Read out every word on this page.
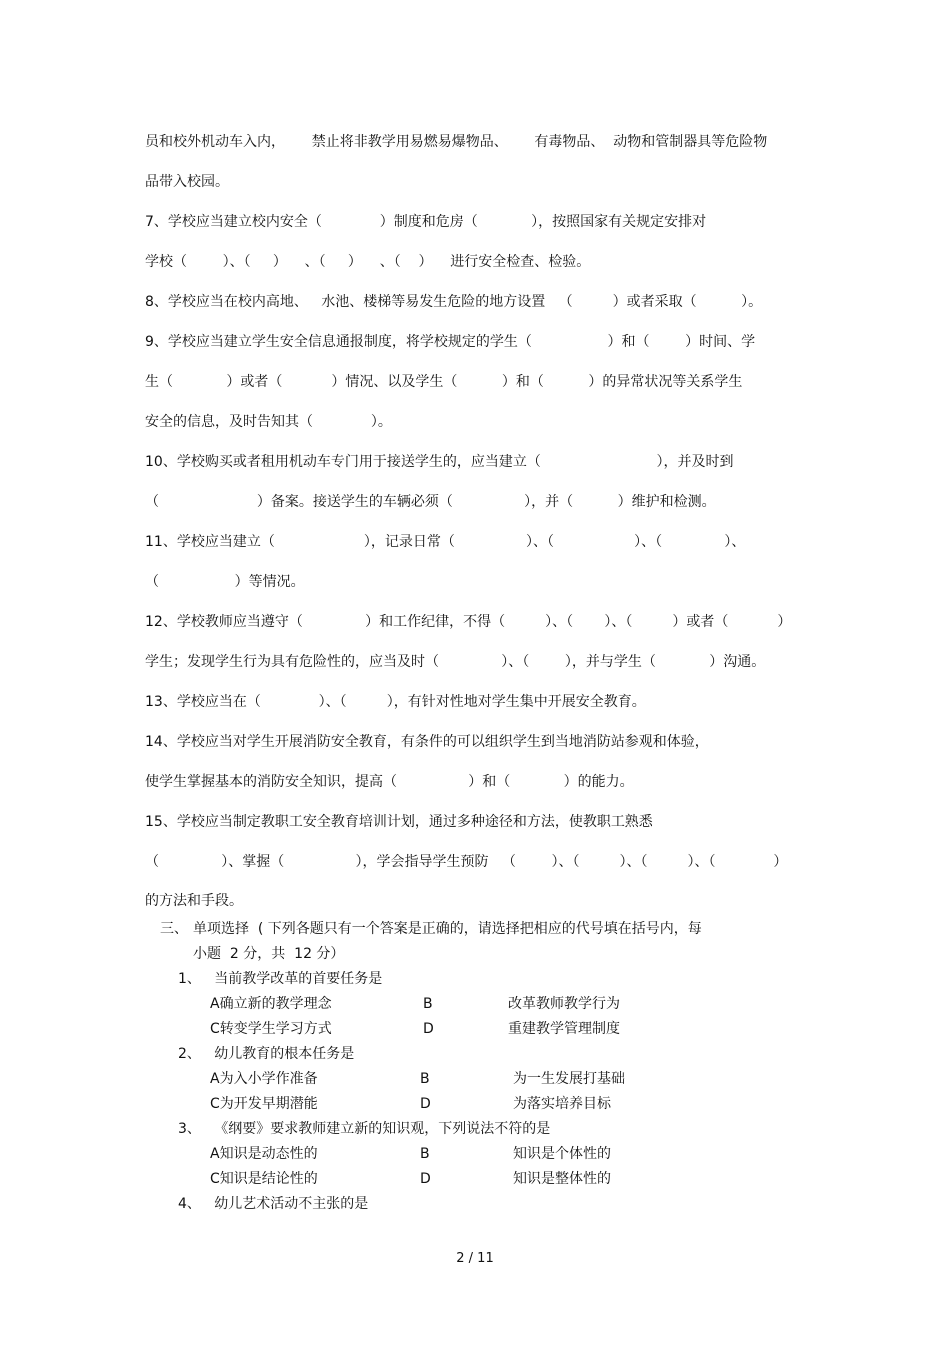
员和校外机动车入内，      禁止将非教学用易燃易爆物品、      有毒物品、  动物和管制器具等危险物
品带入校园。
7、学校应当建立校内安全（             ）制度和危房（            ），按照国家有关规定安排对
学校（        ）、（     ）    、（     ）    、（    ）    进行安全检查、检验。
8、学校应当在校内高地、   水池、楼梯等易发生危险的地方设置   （         ）或者采取（          ）。
9、学校应当建立学生安全信息通报制度，将学校规定的学生（                 ）和（        ）时间、学
生（            ）或者（           ）情况、以及学生（          ）和（          ）的异常状况等关系学生
安全的信息，及时告知其（             ）。
10、学校购买或者租用机动车专门用于接送学生的，应当建立（                          ），并及时到
（                      ）备案。接送学生的车辆必须（                ），并（          ）维护和检测。
11、学校应当建立（                    ），记录日常（                ）、（                  ）、（              ）、
（                 ）等情况。
12、学校教师应当遵守（              ）和工作纪律，不得（         ）、（       ）、（         ）或者（           ）
学生；发现学生行为具有危险性的，应当及时（              ）、（        ），并与学生（            ）沟通。
13、学校应当在（             ）、（         ），有针对性地对学生集中开展安全教育。
14、学校应当对学生开展消防安全教育，有条件的可以组织学生到当地消防站参观和体验，
使学生掌握基本的消防安全知识，提高（                ）和（            ）的能力。
15、学校应当制定教职工安全教育培训计划，通过多种途径和方法，使教职工熟悉
（              ）、掌握（                ），学会指导学生预防   （        ）、（         ）、（         ）、（             ）
的方法和手段。
三、 单项选择  ( 下列各题只有一个答案是正确的，请选择把相应的代号填在括号内，每
小题  2 分，共  12 分）
1、   当前教学改革的首要任务是
A确立新的教学理念	B	改革教师教学行为
C转变学生学习方式	D	重建教学管理制度
2、   幼儿教育的根本任务是
A为入小学作准备	B	为一生发展打基础
C为开发早期潜能	D	为落实培养目标
3、   《纲要》要求教师建立新的知识观，下列说法不符的是
A知识是动态性的	B	知识是个体性的
C知识是结论性的	D	知识是整体性的
4、   幼儿艺术活动不主张的是
2 / 11
